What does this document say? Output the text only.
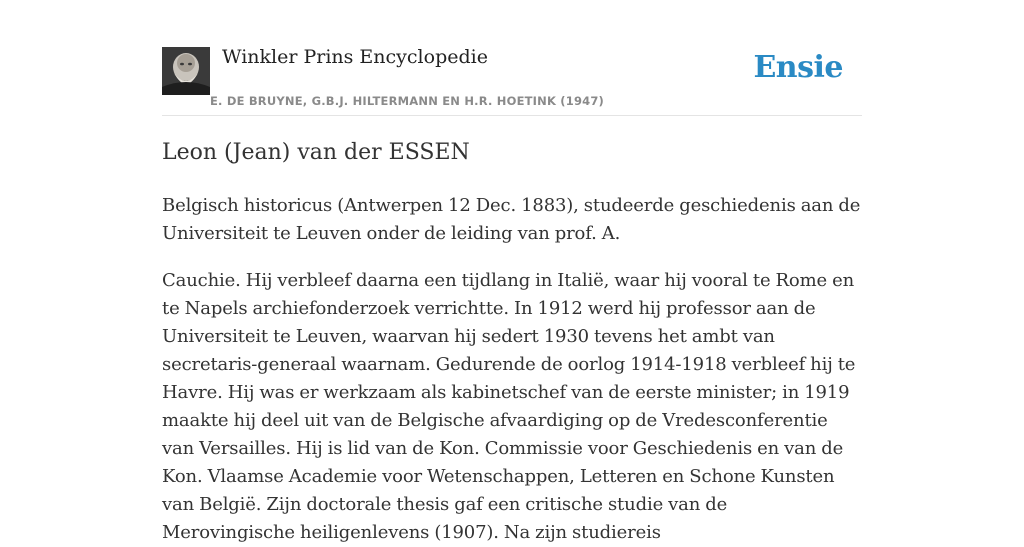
Winkler Prins Encyclopedie
E. DE BRUYNE, G.B.J. HILTERMANN EN H.R. HOETINK (1947)
Ensie
Leon (Jean) van der ESSEN

Belgisch historicus (Antwerpen 12 Dec. 1883), studeerde geschiedenis aan de Universiteit te Leuven onder de leiding van prof. A.

Cauchie. Hij verbleef daarna een tijdlang in Italië, waar hij vooral te Rome en te Napels archiefonderzoek verrichtte. In 1912 werd hij professor aan de Universiteit te Leuven, waarvan hij sedert 1930 tevens het ambt van secretaris-generaal waarnam. Gedurende de oorlog 1914-1918 verbleef hij te Havre. Hij was er werkzaam als kabinetschef van de eerste minister; in 1919 maakte hij deel uit van de Belgische afvaardiging op de Vredesconferentie van Versailles. Hij is lid van de Kon. Commissie voor Geschiedenis en van de Kon. Vlaamse Academie voor Wetenschappen, Letteren en Schone Kunsten van België. Zijn doctorale thesis gaf een critische studie van de Merovingische heiligenlevens (1907). Na zijn studiereis
